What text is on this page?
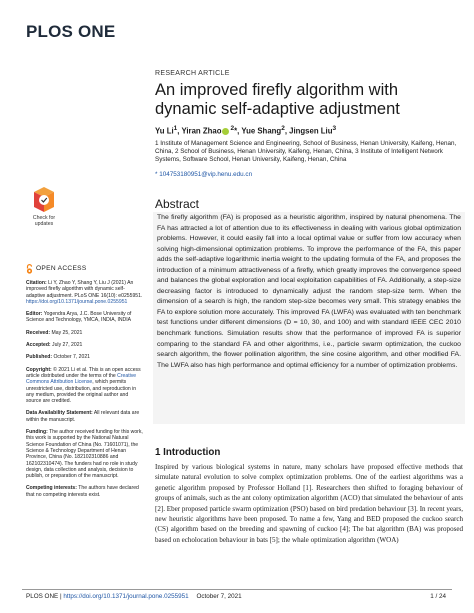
PLOS ONE
RESEARCH ARTICLE
An improved firefly algorithm with dynamic self-adaptive adjustment
Yu Li$^1$, Yiran Zhao $^2$*, Yue Shang$^2$, Jingsen Liu$^3$
1 Institute of Management Science and Engineering, School of Business, Henan University, Kaifeng, Henan, China, 2 School of Business, Henan University, Kaifeng, Henan, China, 3 Institute of Intelligent Network Systems, Software School, Henan University, Kaifeng, Henan, China
* 104753180951@vip.henu.edu.cn
Check for updates
OPEN ACCESS
Citation: Li Y, Zhao Y, Shang Y, Liu J (2021) An improved firefly algorithm with dynamic self-adaptive adjustment. PLoS ONE 16(10): e0255951. https://doi.org/10.1371/journal.pone.0255951
Editor: Yogendra Arya, J.C. Bose University of Science and Technology, YMCA, INDIA, INDIA
Received: May 25, 2021
Accepted: July 27, 2021
Published: October 7, 2021
Copyright: © 2021 Li et al. This is an open access article distributed under the terms of the Creative Commons Attribution License, which permits unrestricted use, distribution, and reproduction in any medium, provided the original author and source are credited.
Data Availability Statement: All relevant data are within the manuscript.
Funding: The author received funding for this work, this work is supported by the National Natural Science Foundation of China (No. 71601071), the Science & Technology Department of Henan Province, China (No. 182102310886 and 162102310474). The funders had no role in study design, data collection and analysis, decision to publish, or preparation of the manuscript.
Competing interests: The authors have declared that no competing interests exist.
Abstract
The firefly algorithm (FA) is proposed as a heuristic algorithm, inspired by natural phenomena. The FA has attracted a lot of attention due to its effectiveness in dealing with various global optimization problems. However, it could easily fall into a local optimal value or suffer from low accuracy when solving high-dimensional optimization problems. To improve the performance of the FA, this paper adds the self-adaptive logarithmic inertia weight to the updating formula of the FA, and proposes the introduction of a minimum attractiveness of a firefly, which greatly improves the convergence speed and balances the global exploration and local exploitation capabilities of FA. Additionally, a step-size decreasing factor is introduced to dynamically adjust the random step-size term. When the dimension of a search is high, the random step-size becomes very small. This strategy enables the FA to explore solution more accurately. This improved FA (LWFA) was evaluated with ten benchmark test functions under different dimensions (D = 10, 30, and 100) and with standard IEEE CEC 2010 benchmark functions. Simulation results show that the performance of improved FA is superior comparing to the standard FA and other algorithms, i.e., particle swarm optimization, the cuckoo search algorithm, the flower pollination algorithm, the sine cosine algorithm, and other modified FA. The LWFA also has high performance and optimal efficiency for a number of optimization problems.
1 Introduction
Inspired by various biological systems in nature, many scholars have proposed effective methods that simulate natural evolution to solve complex optimization problems. One of the earliest algorithms was a genetic algorithm proposed by Professor Holland [1]. Researchers then shifted to foraging behaviour of groups of animals, such as the ant colony optimization algorithm (ACO) that simulated the behaviour of ants [2]. Eber proposed particle swarm optimization (PSO) based on bird predation behaviour [3]. In recent years, new heuristic algorithms have been proposed. To name a few, Yang and BED proposed the cuckoo search (CS) algorithm based on the breeding and spawning of cuckoo [4]; The bat algorithm (BA) was proposed based on echolocation behaviour in bats [5]; the whale optimization algorithm (WOA)
PLOS ONE | https://doi.org/10.1371/journal.pone.0255951 October 7, 2021	1 / 24
